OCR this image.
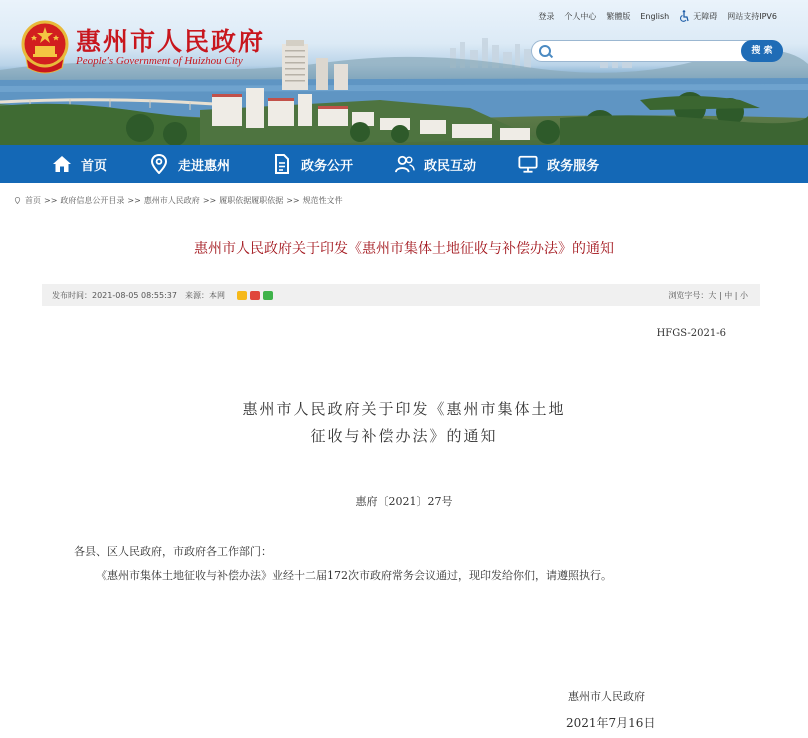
登录	个人中心	繁體版	English	无障碍	网站支持IPV6
惠州市人民政府
People's Government of Huizhou City
搜 索
首页	走进惠州	政务公开	政民互动	政务服务
首页 >> 政府信息公开目录 >> 惠州市人民政府 >> 履职依据履职依据 >> 规范性文件
惠州市人民政府关于印发《惠州市集体土地征收与补偿办法》的通知
发布时间：2021-08-05 08:55:37 来源：本网	浏览字号：大 | 中 | 小
HFGS-2021-6
惠州市人民政府关于印发《惠州市集体土地
征收与补偿办法》的通知
惠府〔2021〕27号

各县、区人民政府，市政府各工作部门：

《惠州市集体土地征收与补偿办法》业经十二届172次市政府常务会议通过，现印发给你们，请遵照执行。

惠州市人民政府
2021年7月16日
